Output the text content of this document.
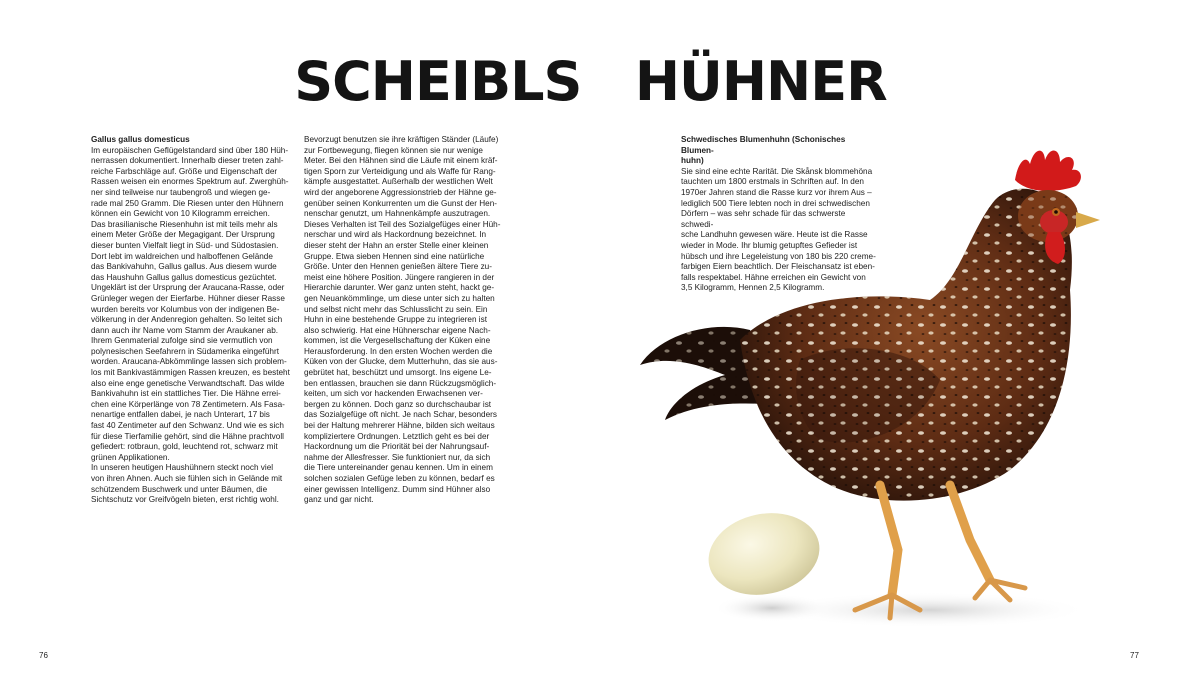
SCHEIBLS   HÜHNER

Gallus gallus domesticus

Im europäischen Geflügelstandard sind über 180 Hüh-

nerrassen dokumentiert. Innerhalb dieser treten zahl-

reiche Farbschläge auf. Größe und Eigenschaft der

Rassen weisen ein enormes Spektrum auf. Zwerghüh-

ner sind teilweise nur taubengroß und wiegen ge-

rade mal 250 Gramm. Die Riesen unter den Hühnern

können ein Gewicht von 10 Kilogramm erreichen.

Das brasilianische Riesenhuhn ist mit teils mehr als

einem Meter Größe der Megagigant. Der Ursprung

dieser bunten Vielfalt liegt in Süd- und Südostasien.

Dort lebt im waldreichen und halboffenen Gelände

das Bankivahuhn, Gallus gallus. Aus diesem wurde

das Haushuhn Gallus gallus domesticus gezüchtet.

Ungeklärt ist der Ursprung der Araucana-Rasse, oder

Grünleger wegen der Eierfarbe. Hühner dieser Rasse

wurden bereits vor Kolumbus von der indigenen Be-

völkerung in der Andenregion gehalten. So leitet sich

dann auch ihr Name vom Stamm der Araukaner ab.

Ihrem Genmaterial zufolge sind sie vermutlich von

polynesischen Seefahrern in Südamerika eingeführt

worden. Araucana-Abkömmlinge lassen sich problem-

los mit Bankivastämmigen Rassen kreuzen, es besteht

also eine enge genetische Verwandtschaft. Das wilde

Bankivahuhn ist ein stattliches Tier. Die Hähne errei-

chen eine Körperlänge von 78 Zentimetern. Als Fasa-

nenartige entfallen dabei, je nach Unterart, 17 bis

fast 40 Zentimeter auf den Schwanz. Und wie es sich

für diese Tierfamilie gehört, sind die Hähne prachtvoll

gefiedert: rotbraun, gold, leuchtend rot, schwarz mit

grünen Applikationen.

In unseren heutigen Haushühnern steckt noch viel

von ihren Ahnen. Auch sie fühlen sich in Gelände mit

schützendem Buschwerk und unter Bäumen, die

Sichtschutz vor Greifvögeln bieten, erst richtig wohl.

Bevorzugt benutzen sie ihre kräftigen Ständer (Läufe)

zur Fortbewegung, fliegen können sie nur wenige

Meter. Bei den Hähnen sind die Läufe mit einem kräf-

tigen Sporn zur Verteidigung und als Waffe für Rang-

kämpfe ausgestattet. Außerhalb der westlichen Welt

wird der angeborene Aggressionstrieb der Hähne ge-

genüber seinen Konkurrenten um die Gunst der Hen-

nenschar genutzt, um Hahnenkämpfe auszutragen.

Dieses Verhalten ist Teil des Sozialgefüges einer Hüh-

nerschar und wird als Hackordnung bezeichnet. In

dieser steht der Hahn an erster Stelle einer kleinen

Gruppe. Etwa sieben Hennen sind eine natürliche

Größe. Unter den Hennen genießen ältere Tiere zu-

meist eine höhere Position. Jüngere rangieren in der

Hierarchie darunter. Wer ganz unten steht, hackt ge-

gen Neuankömmlinge, um diese unter sich zu halten

und selbst nicht mehr das Schlusslicht zu sein. Ein

Huhn in eine bestehende Gruppe zu integrieren ist

also schwierig. Hat eine Hühnerschar eigene Nach-

kommen, ist die Vergesellschaftung der Küken eine

Herausforderung. In den ersten Wochen werden die

Küken von der Glucke, dem Mutterhuhn, das sie aus-

gebrütet hat, beschützt und umsorgt. Ins eigene Le-

ben entlassen, brauchen sie dann Rückzugsmöglich-

keiten, um sich vor hackenden Erwachsenen ver-

bergen zu können. Doch ganz so durchschaubar ist

das Sozialgefüge oft nicht. Je nach Schar, besonders

bei der Haltung mehrerer Hähne, bilden sich weitaus

kompliziertere Ordnungen. Letztlich geht es bei der

Hackordnung um die Priorität bei der Nahrungsauf-

nahme der Allesfresser. Sie funktioniert nur, da sich

die Tiere untereinander genau kennen. Um in einem

solchen sozialen Gefüge leben zu können, bedarf es

einer gewissen Intelligenz. Dumm sind Hühner also

ganz und gar nicht.

Schwedisches Blumenhuhn (Schonisches Blumen-

huhn)

Sie sind eine echte Rarität. Die Skånsk blommehöna

tauchten um 1800 erstmals in Schriften auf. In den

1970er Jahren stand die Rasse kurz vor ihrem Aus –

lediglich 500 Tiere lebten noch in drei schwedischen

Dörfern – was sehr schade für das schwerste schwedi-

sche Landhuhn gewesen wäre. Heute ist die Rasse

wieder in Mode. Ihr blumig getupftes Gefieder ist

hübsch und ihre Legeleistung von 180 bis 220 creme-

farbigen Eiern beachtlich. Der Fleischansatz ist eben-

falls respektabel. Hähne erreichen ein Gewicht von

3,5 Kilogramm, Hennen 2,5 Kilogramm.

76	77
